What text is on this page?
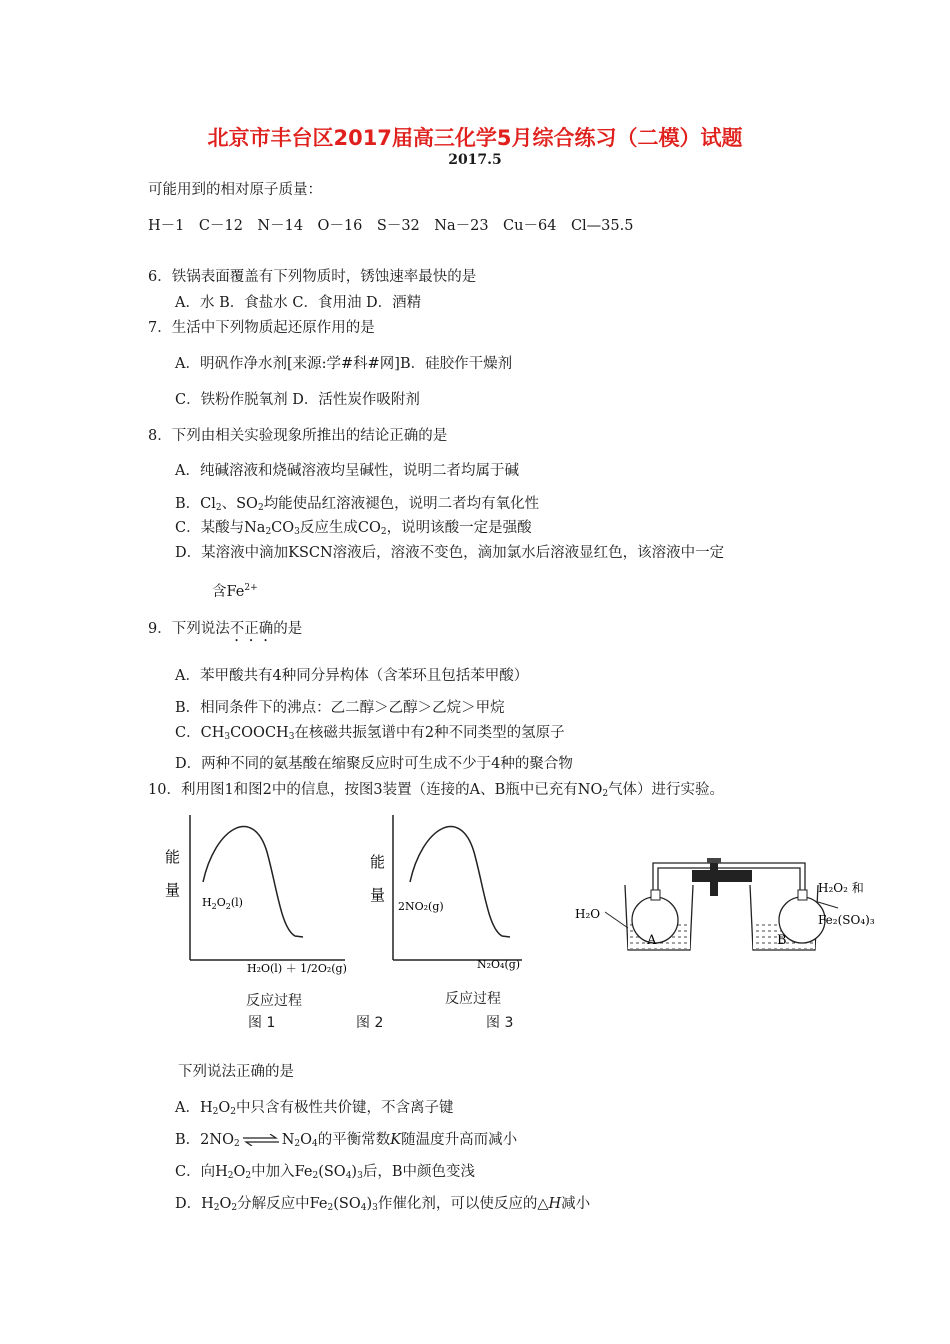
北京市丰台区2017届高三化学5月综合练习（二模）试题
2017.5
可能用到的相对原子质量：
H－1　C－12　N－14　O－16　S－32　Na－23　Cu－64　Cl—35.5
6．铁锅表面覆盖有下列物质时，锈蚀速率最快的是
A．水 B．食盐水 C．食用油 D．酒精
7．生活中下列物质起还原作用的是
A．明矾作净水剂[来源:学#科#网]B．硅胶作干燥剂
C．铁粉作脱氧剂 D．活性炭作吸附剂
8．下列由相关实验现象所推出的结论正确的是
A．纯碱溶液和烧碱溶液均呈碱性，说明二者均属于碱
B．$Cl_2$、$SO_2$均能使品红溶液褪色，说明二者均有氧化性
C．某酸与$Na_2CO_3$反应生成$CO_2$，说明该酸一定是强酸
D．某溶液中滴加KSCN溶液后，溶液不变色，滴加氯水后溶液显红色，该溶液中一定
含$Fe^{2+}$
9．下列说法不正确的是
A．苯甲酸共有4种同分异构体（含苯环且包括苯甲酸）
B．相同条件下的沸点：乙二醇＞乙醇＞乙烷＞甲烷
C．$CH_3COOCH_3$在核磁共振氢谱中有2种不同类型的氢原子
D．两种不同的氨基酸在缩聚反应时可生成不少于4种的聚合物
10．利用图1和图2中的信息，按图3装置（连接的A、B瓶中已充有$NO_2$气体）进行实验。
能
量
$H_2O_2(l)$
H₂O(l) ＋ 1/2O₂(g)
反应过程
图 1
能
量
2NO₂(g)
N₂O₄(g)
反应过程
图 2
A	B
H₂O
H₂O₂ 和
Fe₂(SO₄)₃
图 3
下列说法正确的是
A．$H_2O_2$中只含有极性共价键，不含离子键
B．$2NO_2$ ⇌ $N_2O_4$的平衡常数K随温度升高而减小
C．向$H_2O_2$中加入$Fe_2(SO_4)_3$后，B中颜色变浅
D．$H_2O_2$分解反应中$Fe_2(SO_4)_3$作催化剂，可以使反应的△H减小
